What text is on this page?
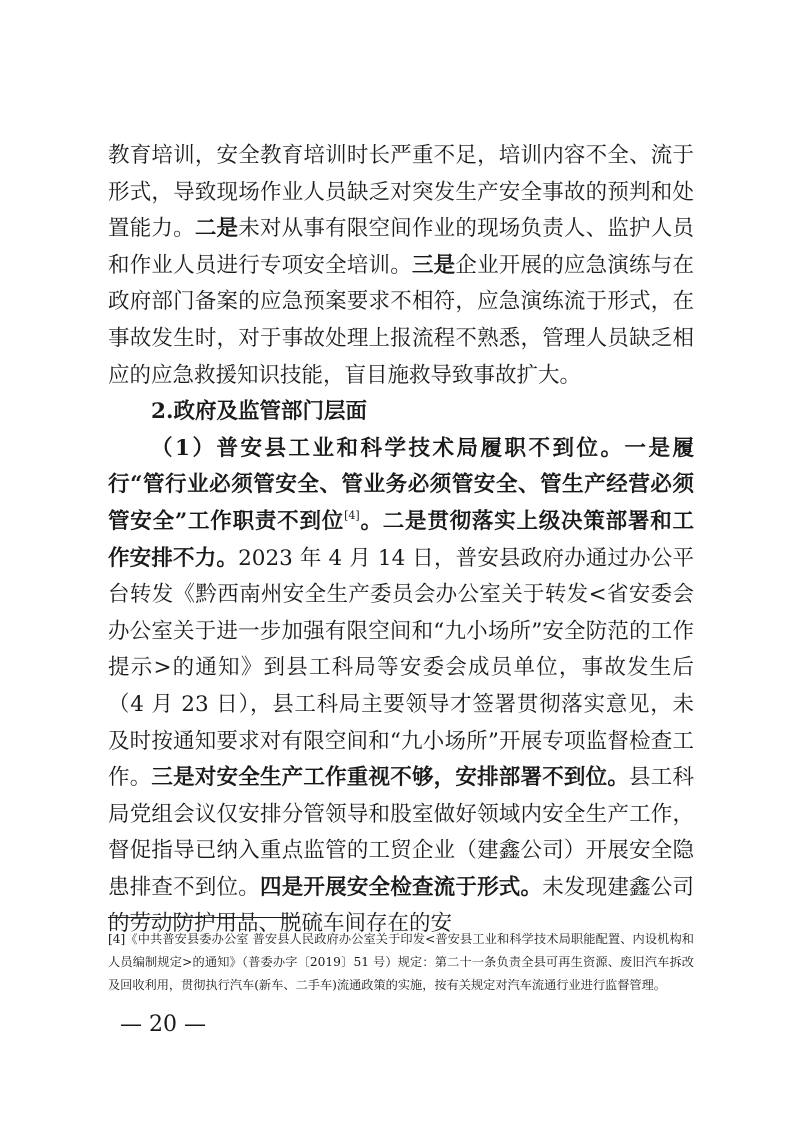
教育培训，安全教育培训时长严重不足，培训内容不全、流于形式，导致现场作业人员缺乏对突发生产安全事故的预判和处置能力。二是未对从事有限空间作业的现场负责人、监护人员和作业人员进行专项安全培训。三是企业开展的应急演练与在政府部门备案的应急预案要求不相符，应急演练流于形式，在事故发生时，对于事故处理上报流程不熟悉，管理人员缺乏相应的应急救援知识技能，盲目施救导致事故扩大。

2.政府及监管部门层面

（1）普安县工业和科学技术局履职不到位。一是履行“管行业必须管安全、管业务必须管安全、管生产经营必须管安全”工作职责不到位[4]。二是贯彻落实上级决策部署和工作安排不力。2023 年 4 月 14 日，普安县政府办通过办公平台转发《黔西南州安全生产委员会办公室关于转发<省安委会办公室关于进一步加强有限空间和“九小场所”安全防范的工作提示>的通知》到县工科局等安委会成员单位，事故发生后（4 月 23 日），县工科局主要领导才签署贯彻落实意见，未及时按通知要求对有限空间和“九小场所”开展专项监督检查工作。三是对安全生产工作重视不够，安排部署不到位。县工科局党组会议仅安排分管领导和股室做好领域内安全生产工作，督促指导已纳入重点监管的工贸企业（建鑫公司）开展安全隐患排查不到位。四是开展安全检查流于形式。未发现建鑫公司的劳动防护用品、脱硫车间存在的安

[4]《中共普安县委办公室 普安县人民政府办公室关于印发<普安县工业和科学技术局职能配置、内设机构和人员编制规定>的通知》（普委办字〔2019〕51 号）规定：第二十一条负责全县可再生资源、废旧汽车拆改及回收利用，贯彻执行汽车(新车、二手车)流通政策的实施，按有关规定对汽车流通行业进行监督管理。
— 20 —
